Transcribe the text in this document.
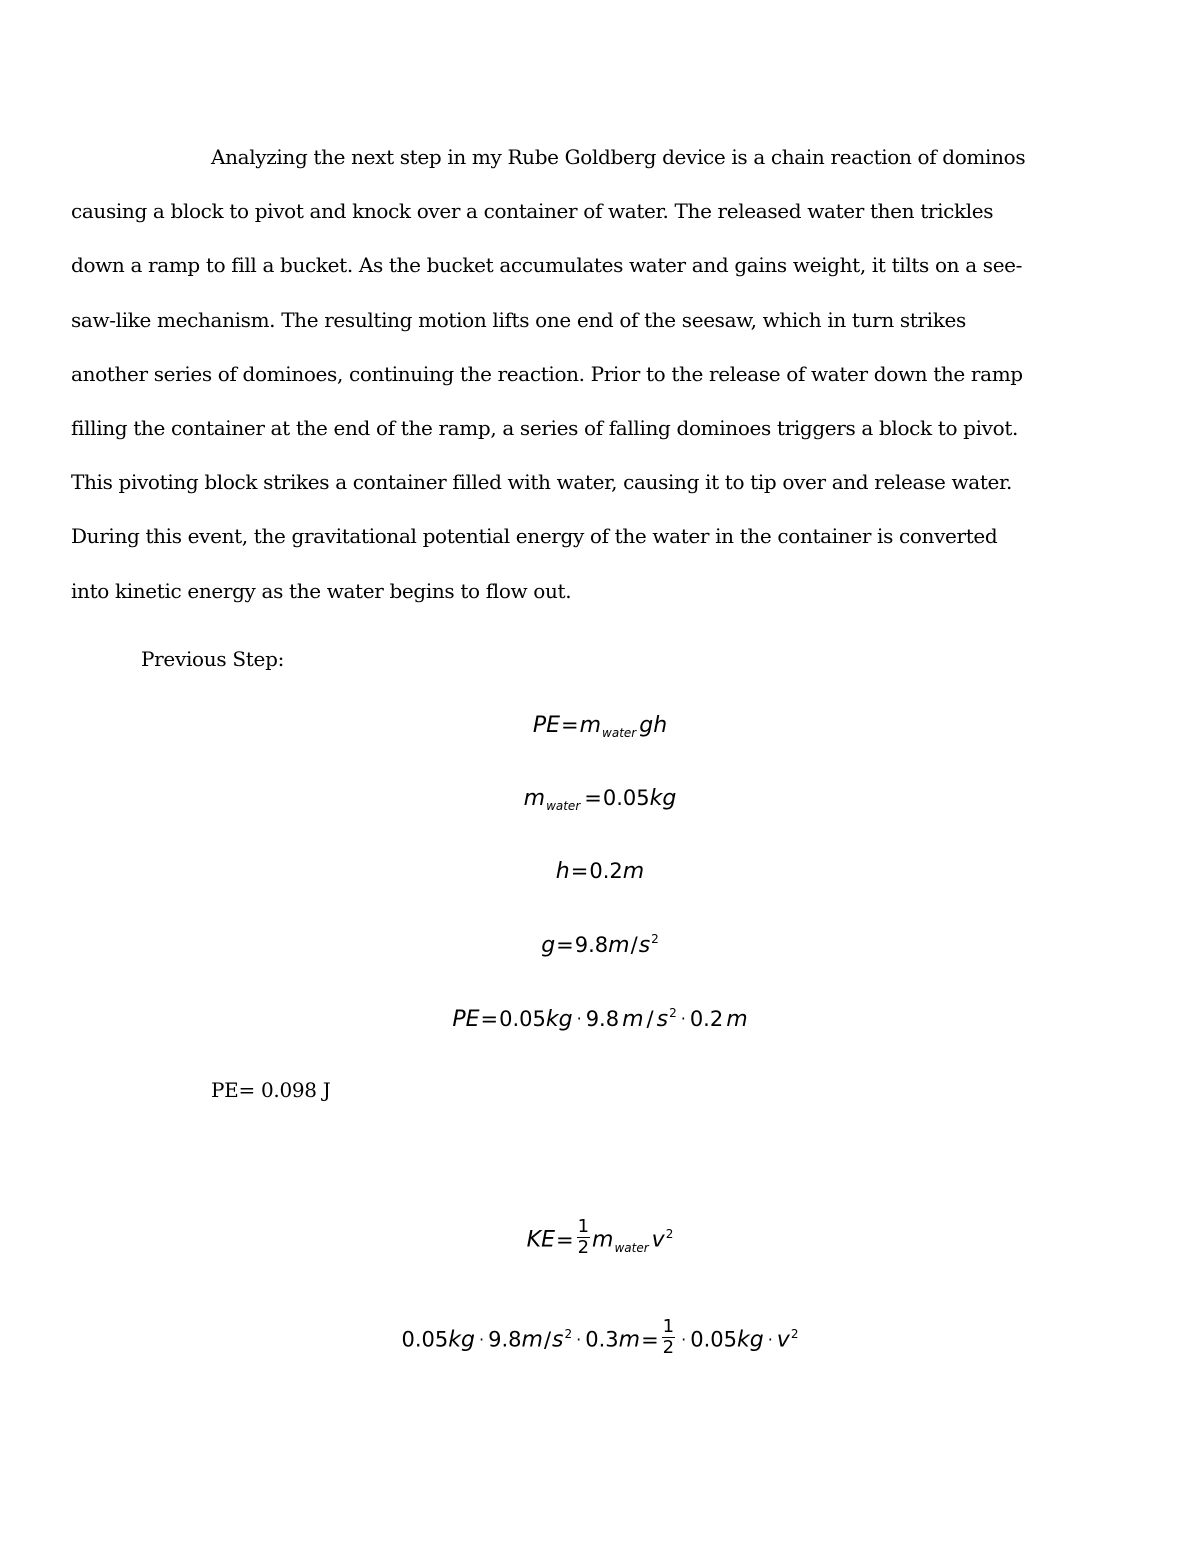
Analyzing the next step in my Rube Goldberg device is a chain reaction of dominos
causing a block to pivot and knock over a container of water. The released water then trickles
down a ramp to fill a bucket. As the bucket accumulates water and gains weight, it tilts on a see-
saw-like mechanism. The resulting motion lifts one end of the seesaw, which in turn strikes
another series of dominoes, continuing the reaction. Prior to the release of water down the ramp
filling the container at the end of the ramp, a series of falling dominoes triggers a block to pivot.
This pivoting block strikes a container filled with water, causing it to tip over and release water.
During this event, the gravitational potential energy of the water in the container is converted
into kinetic energy as the water begins to flow out.

Previous Step:
$PE=m_{water}$ gh
$m_{water} =0.05kg$
h=0.2m
$g=9.8m/s^2$
PE=0.05kg · 9.8 $m / s^2 \cdot 0.2$ m
PE= 0.098 J
$KE= \frac{1}{2} m_{water}$ $v^2$
$0.05kg \cdot 9.8m/s^2 \cdot 0.3m= \frac{1}{2} \cdot 0.05kg \cdot v^2$
